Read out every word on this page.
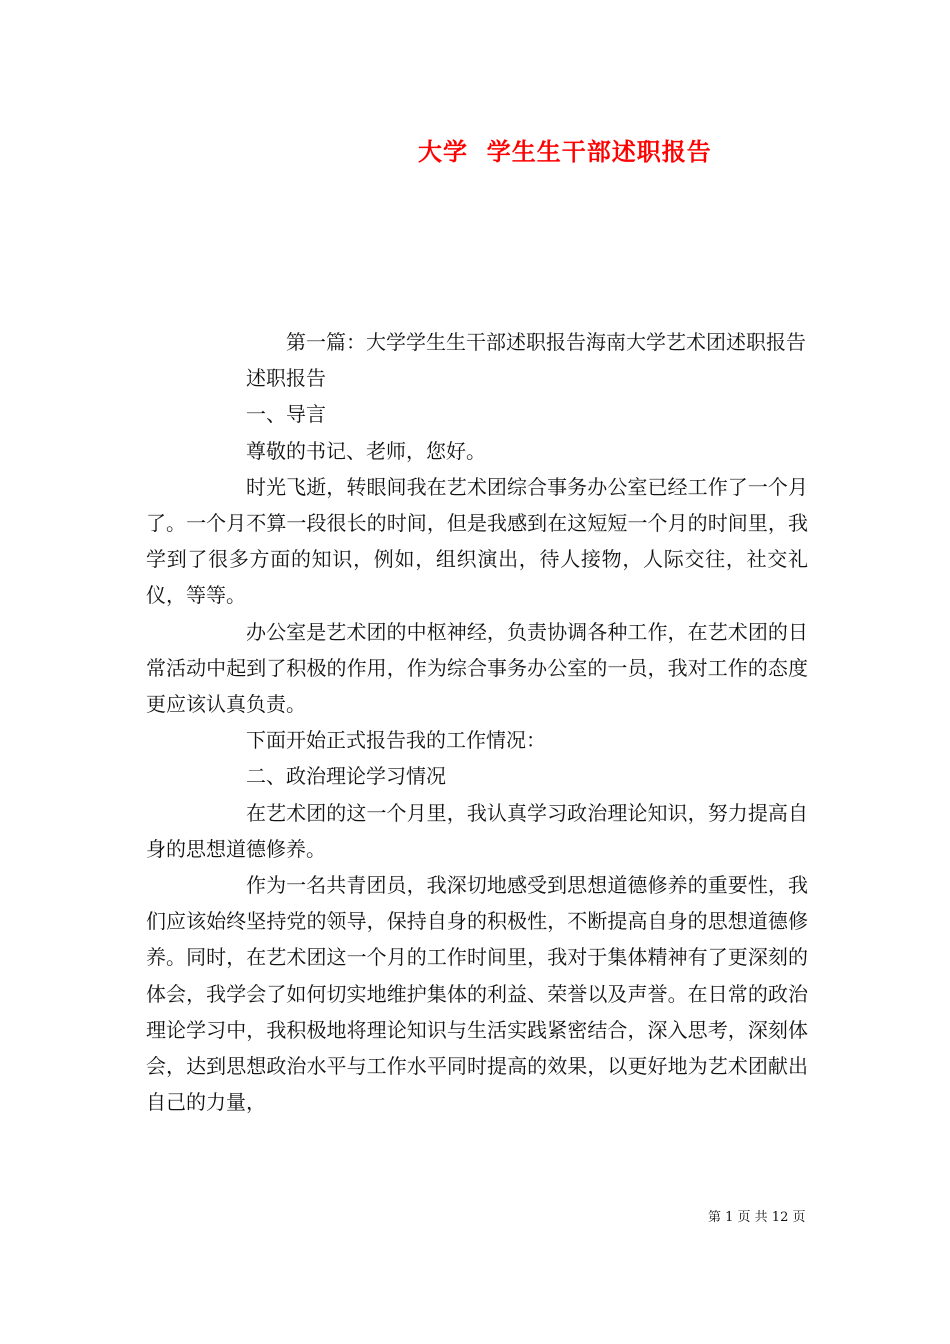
大学  学生生干部述职报告

第一篇：大学学生生干部述职报告海南大学艺术团述职报告

述职报告

一、导言

尊敬的书记、老师，您好。

时光飞逝，转眼间我在艺术团综合事务办公室已经工作了一个月了。一个月不算一段很长的时间，但是我感到在这短短一个月的时间里，我学到了很多方面的知识，例如，组织演出，待人接物，人际交往，社交礼仪，等等。

办公室是艺术团的中枢神经，负责协调各种工作，在艺术团的日常活动中起到了积极的作用，作为综合事务办公室的一员，我对工作的态度更应该认真负责。

下面开始正式报告我的工作情况：

二、政治理论学习情况

在艺术团的这一个月里，我认真学习政治理论知识，努力提高自身的思想道德修养。

作为一名共青团员，我深切地感受到思想道德修养的重要性，我们应该始终坚持党的领导，保持自身的积极性，不断提高自身的思想道德修养。同时，在艺术团这一个月的工作时间里，我对于集体精神有了更深刻的体会，我学会了如何切实地维护集体的利益、荣誉以及声誉。在日常的政治理论学习中，我积极地将理论知识与生活实践紧密结合，深入思考，深刻体会，达到思想政治水平与工作水平同时提高的效果，以更好地为艺术团献出自己的力量，

第 1 页 共 12 页
